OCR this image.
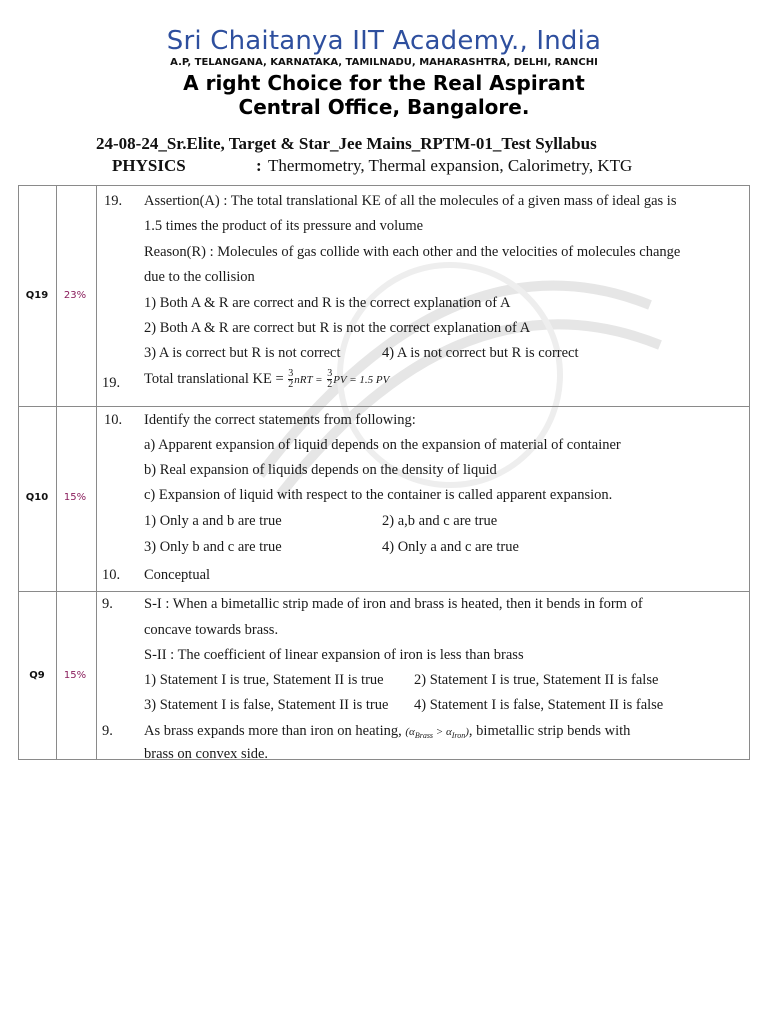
Sri Chaitanya IIT Academy., India
A.P, TELANGANA, KARNATAKA, TAMILNADU, MAHARASHTRA, DELHI, RANCHI
A right Choice for the Real Aspirant
Central Office, Bangalore.
24-08-24_Sr.Elite, Target & Star_Jee Mains_RPTM-01_Test Syllabus
PHYSICS	: Thermometry, Thermal expansion, Calorimetry, KTG
Q19	23%
19. Assertion(A) : The total translational KE of all the molecules of a given mass of ideal gas is
1.5 times the product of its pressure and volume
Reason(R) : Molecules of gas collide with each other and the velocities of molecules change
due to the collision
1) Both A & R are correct and R is the correct explanation of A
2) Both A & R are correct but R is not the correct explanation of A
3) A is correct but R is not correct	4) A is not correct but R is correct
19. Total translational KE = $\frac{3}{2}$ nRT = $\frac{3}{2}$ PV = 1.5 PV
Q10	15%
10. Identify the correct statements from following:
a) Apparent expansion of liquid depends on the expansion of material of container
b) Real expansion of liquids depends on the density of liquid
c) Expansion of liquid with respect to the container is called apparent expansion.
1) Only a and b are true	2) a,b and c are true
3) Only b and c are true	4) Only a and c are true
10. Conceptual
Q9	15%
9. S-I : When a bimetallic strip made of iron and brass is heated, then it bends in form of
concave towards brass.
S-II : The coefficient of linear expansion of iron is less than brass
1) Statement I is true, Statement II is true 2) Statement I is true, Statement II is false
3) Statement I is false, Statement II is true 4) Statement I is false, Statement II is false
9. As brass expands more than iron on heating, $(\alpha_{Brass} > \alpha_{Iron})$, bimetallic strip bends with
brass on convex side.
